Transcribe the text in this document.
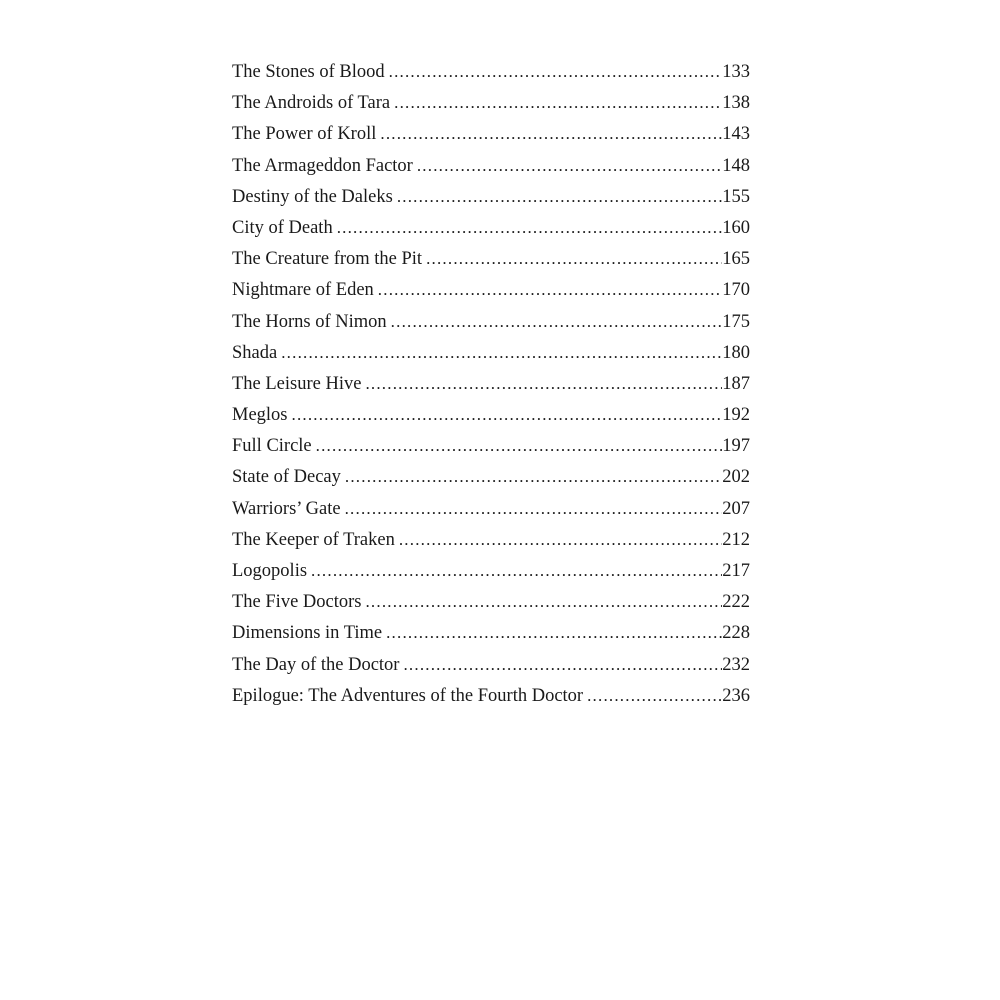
The Stones of Blood .....	133
The Androids of Tara .....	138
The Power of Kroll .....	143
The Armageddon Factor .....	148
Destiny of the Daleks .....	155
City of Death .....	160
The Creature from the Pit .....	165
Nightmare of Eden .....	170
The Horns of Nimon .....	175
Shada .....	180
The Leisure Hive .....	187
Meglos .....	192
Full Circle .....	197
State of Decay .....	202
Warriors’ Gate .....	207
The Keeper of Traken .....	212
Logopolis .....	217
The Five Doctors .....	222
Dimensions in Time .....	228
The Day of the Doctor .....	232
Epilogue: The Adventures of the Fourth Doctor .....	236
